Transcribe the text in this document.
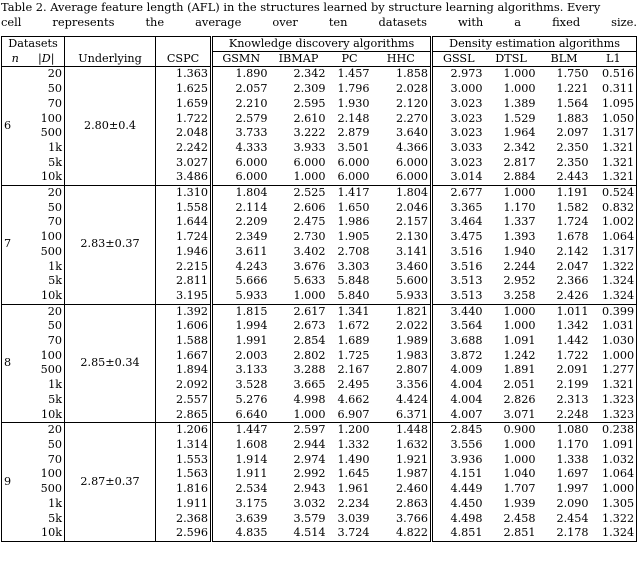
Table 2. Average feature length (AFL) in the structures learned by structure learning algorithms. Every
cell	represents	the	average	over	ten	datasets	with	a	fixed	size.
Datasets				Knowledge discovery algorithms				Density estimation algorithms			
n	|D|	Underlying	CSPC	GSMN	IBMAP	PC	HHC	GSSL	DTSL	BLM	L1
6	20	2.80±0.4	1.363	1.890	2.342	1.457	1.858	2.973	1.000	1.750	0.516
	50		1.625	2.057	2.309	1.796	2.028	3.000	1.000	1.221	0.311
	70		1.659	2.210	2.595	1.930	2.120	3.023	1.389	1.564	1.095
	100		1.722	2.579	2.610	2.148	2.270	3.023	1.529	1.883	1.050
	500		2.048	3.733	3.222	2.879	3.640	3.023	1.964	2.097	1.317
	1k		2.242	4.333	3.933	3.501	4.366	3.033	2.342	2.350	1.321
	5k		3.027	6.000	6.000	6.000	6.000	3.023	2.817	2.350	1.321
	10k		3.486	6.000	1.000	6.000	6.000	3.014	2.884	2.443	1.321
7	20	2.83±0.37	1.310	1.804	2.525	1.417	1.804	2.677	1.000	1.191	0.524
	50		1.558	2.114	2.606	1.650	2.046	3.365	1.170	1.582	0.832
	70		1.644	2.209	2.475	1.986	2.157	3.464	1.337	1.724	1.002
	100		1.724	2.349	2.730	1.905	2.130	3.475	1.393	1.678	1.064
	500		1.946	3.611	3.402	2.708	3.141	3.516	1.940	2.142	1.317
	1k		2.215	4.243	3.676	3.303	3.460	3.516	2.244	2.047	1.322
	5k		2.811	5.666	5.633	5.848	5.600	3.513	2.952	2.366	1.324
	10k		3.195	5.933	1.000	5.840	5.933	3.513	3.258	2.426	1.324
8	20	2.85±0.34	1.392	1.815	2.617	1.341	1.821	3.440	1.000	1.011	0.399
	50		1.606	1.994	2.673	1.672	2.022	3.564	1.000	1.342	1.031
	70		1.588	1.991	2.854	1.689	1.989	3.688	1.091	1.442	1.030
	100		1.667	2.003	2.802	1.725	1.983	3.872	1.242	1.722	1.000
	500		1.894	3.133	3.288	2.167	2.807	4.009	1.891	2.091	1.277
	1k		2.092	3.528	3.665	2.495	3.356	4.004	2.051	2.199	1.321
	5k		2.557	5.276	4.998	4.662	4.424	4.004	2.826	2.313	1.323
	10k		2.865	6.640	1.000	6.907	6.371	4.007	3.071	2.248	1.323
9	20	2.87±0.37	1.206	1.447	2.597	1.200	1.448	2.845	0.900	1.080	0.238
	50		1.314	1.608	2.944	1.332	1.632	3.556	1.000	1.170	1.091
	70		1.553	1.914	2.974	1.490	1.921	3.936	1.000	1.338	1.032
	100		1.563	1.911	2.992	1.645	1.987	4.151	1.040	1.697	1.064
	500		1.816	2.534	2.943	1.961	2.460	4.449	1.707	1.997	1.000
	1k		1.911	3.175	3.032	2.234	2.863	4.450	1.939	2.090	1.305
	5k		2.368	3.639	3.579	3.039	3.766	4.498	2.458	2.454	1.322
	10k		2.596	4.835	4.514	3.724	4.822	4.851	2.851	2.178	1.324
